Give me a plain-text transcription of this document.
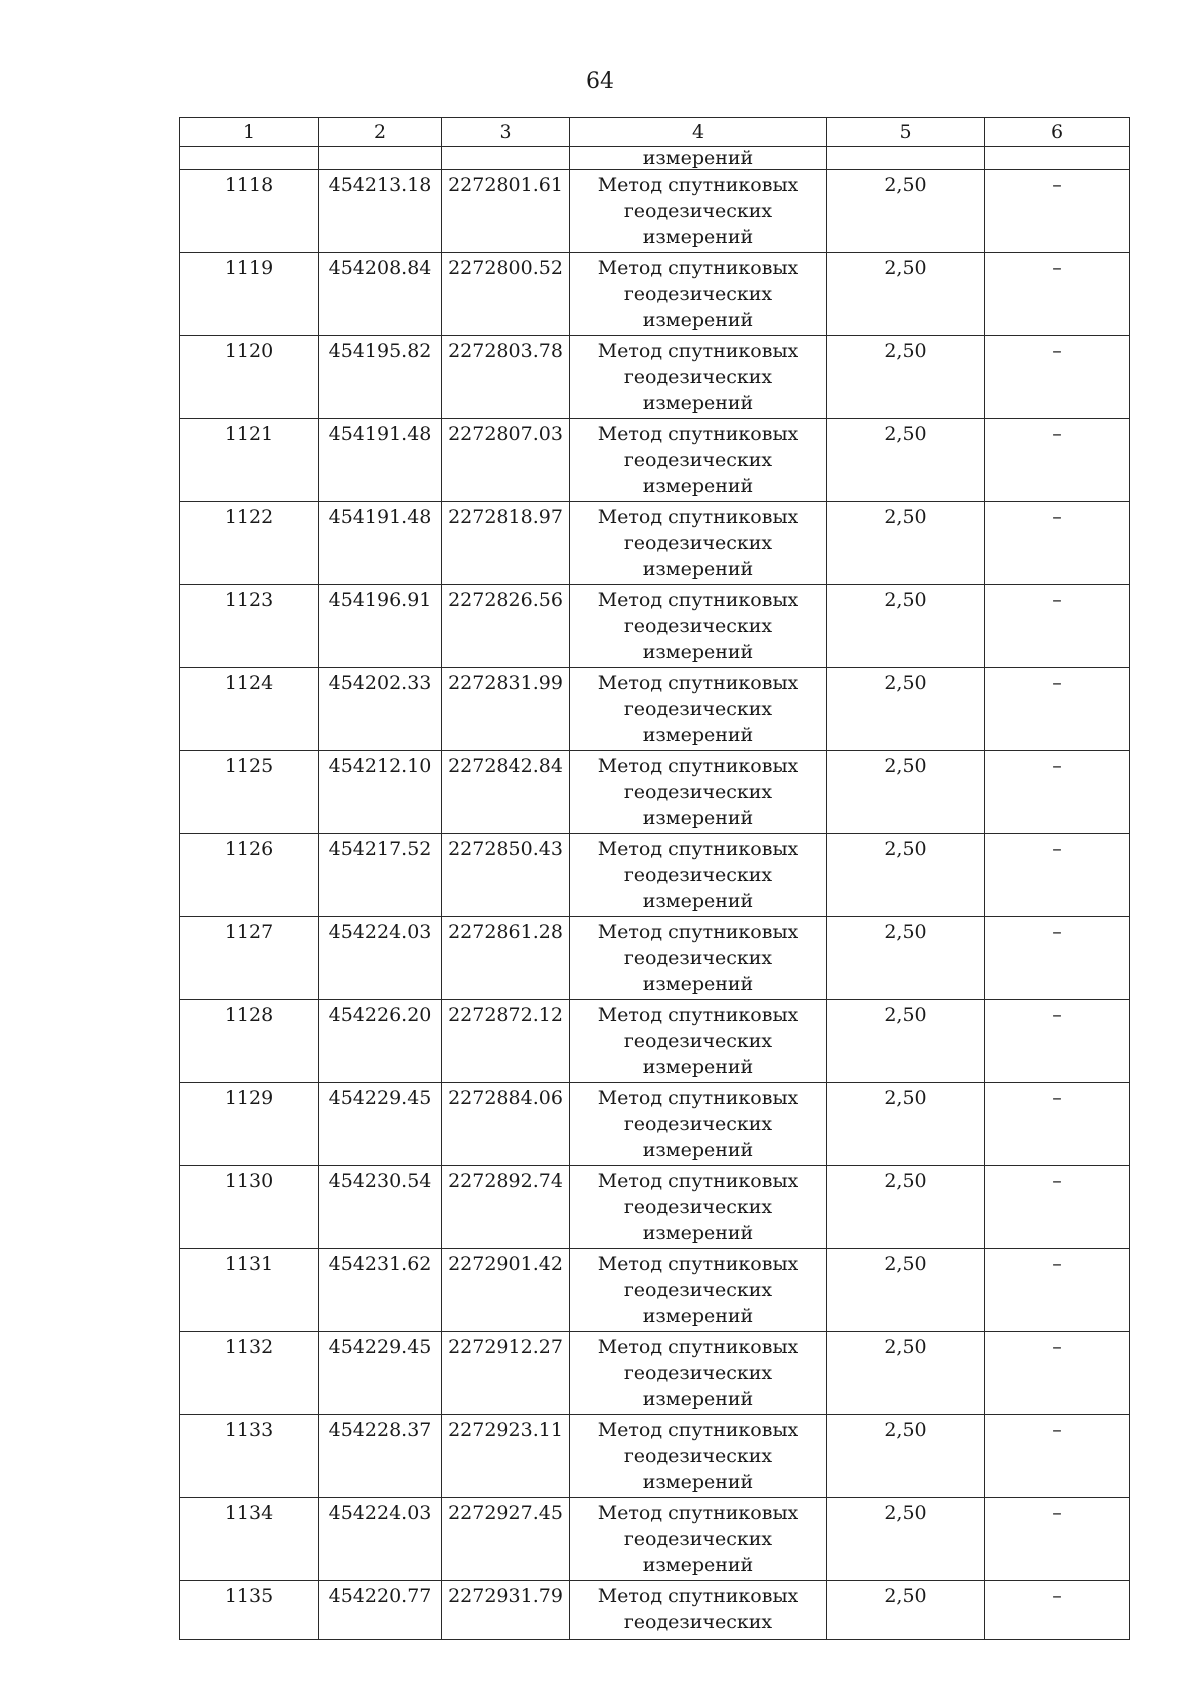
64
1	2	3	4	5	6
			измерений		
1118	454213.18	2272801.61	Метод спутниковых
геодезических
измерений	2,50	–
1119	454208.84	2272800.52	Метод спутниковых
геодезических
измерений	2,50	–
1120	454195.82	2272803.78	Метод спутниковых
геодезических
измерений	2,50	–
1121	454191.48	2272807.03	Метод спутниковых
геодезических
измерений	2,50	–
1122	454191.48	2272818.97	Метод спутниковых
геодезических
измерений	2,50	–
1123	454196.91	2272826.56	Метод спутниковых
геодезических
измерений	2,50	–
1124	454202.33	2272831.99	Метод спутниковых
геодезических
измерений	2,50	–
1125	454212.10	2272842.84	Метод спутниковых
геодезических
измерений	2,50	–
1126	454217.52	2272850.43	Метод спутниковых
геодезических
измерений	2,50	–
1127	454224.03	2272861.28	Метод спутниковых
геодезических
измерений	2,50	–
1128	454226.20	2272872.12	Метод спутниковых
геодезических
измерений	2,50	–
1129	454229.45	2272884.06	Метод спутниковых
геодезических
измерений	2,50	–
1130	454230.54	2272892.74	Метод спутниковых
геодезических
измерений	2,50	–
1131	454231.62	2272901.42	Метод спутниковых
геодезических
измерений	2,50	–
1132	454229.45	2272912.27	Метод спутниковых
геодезических
измерений	2,50	–
1133	454228.37	2272923.11	Метод спутниковых
геодезических
измерений	2,50	–
1134	454224.03	2272927.45	Метод спутниковых
геодезических
измерений	2,50	–
1135	454220.77	2272931.79	Метод спутниковых
геодезических	2,50	–
